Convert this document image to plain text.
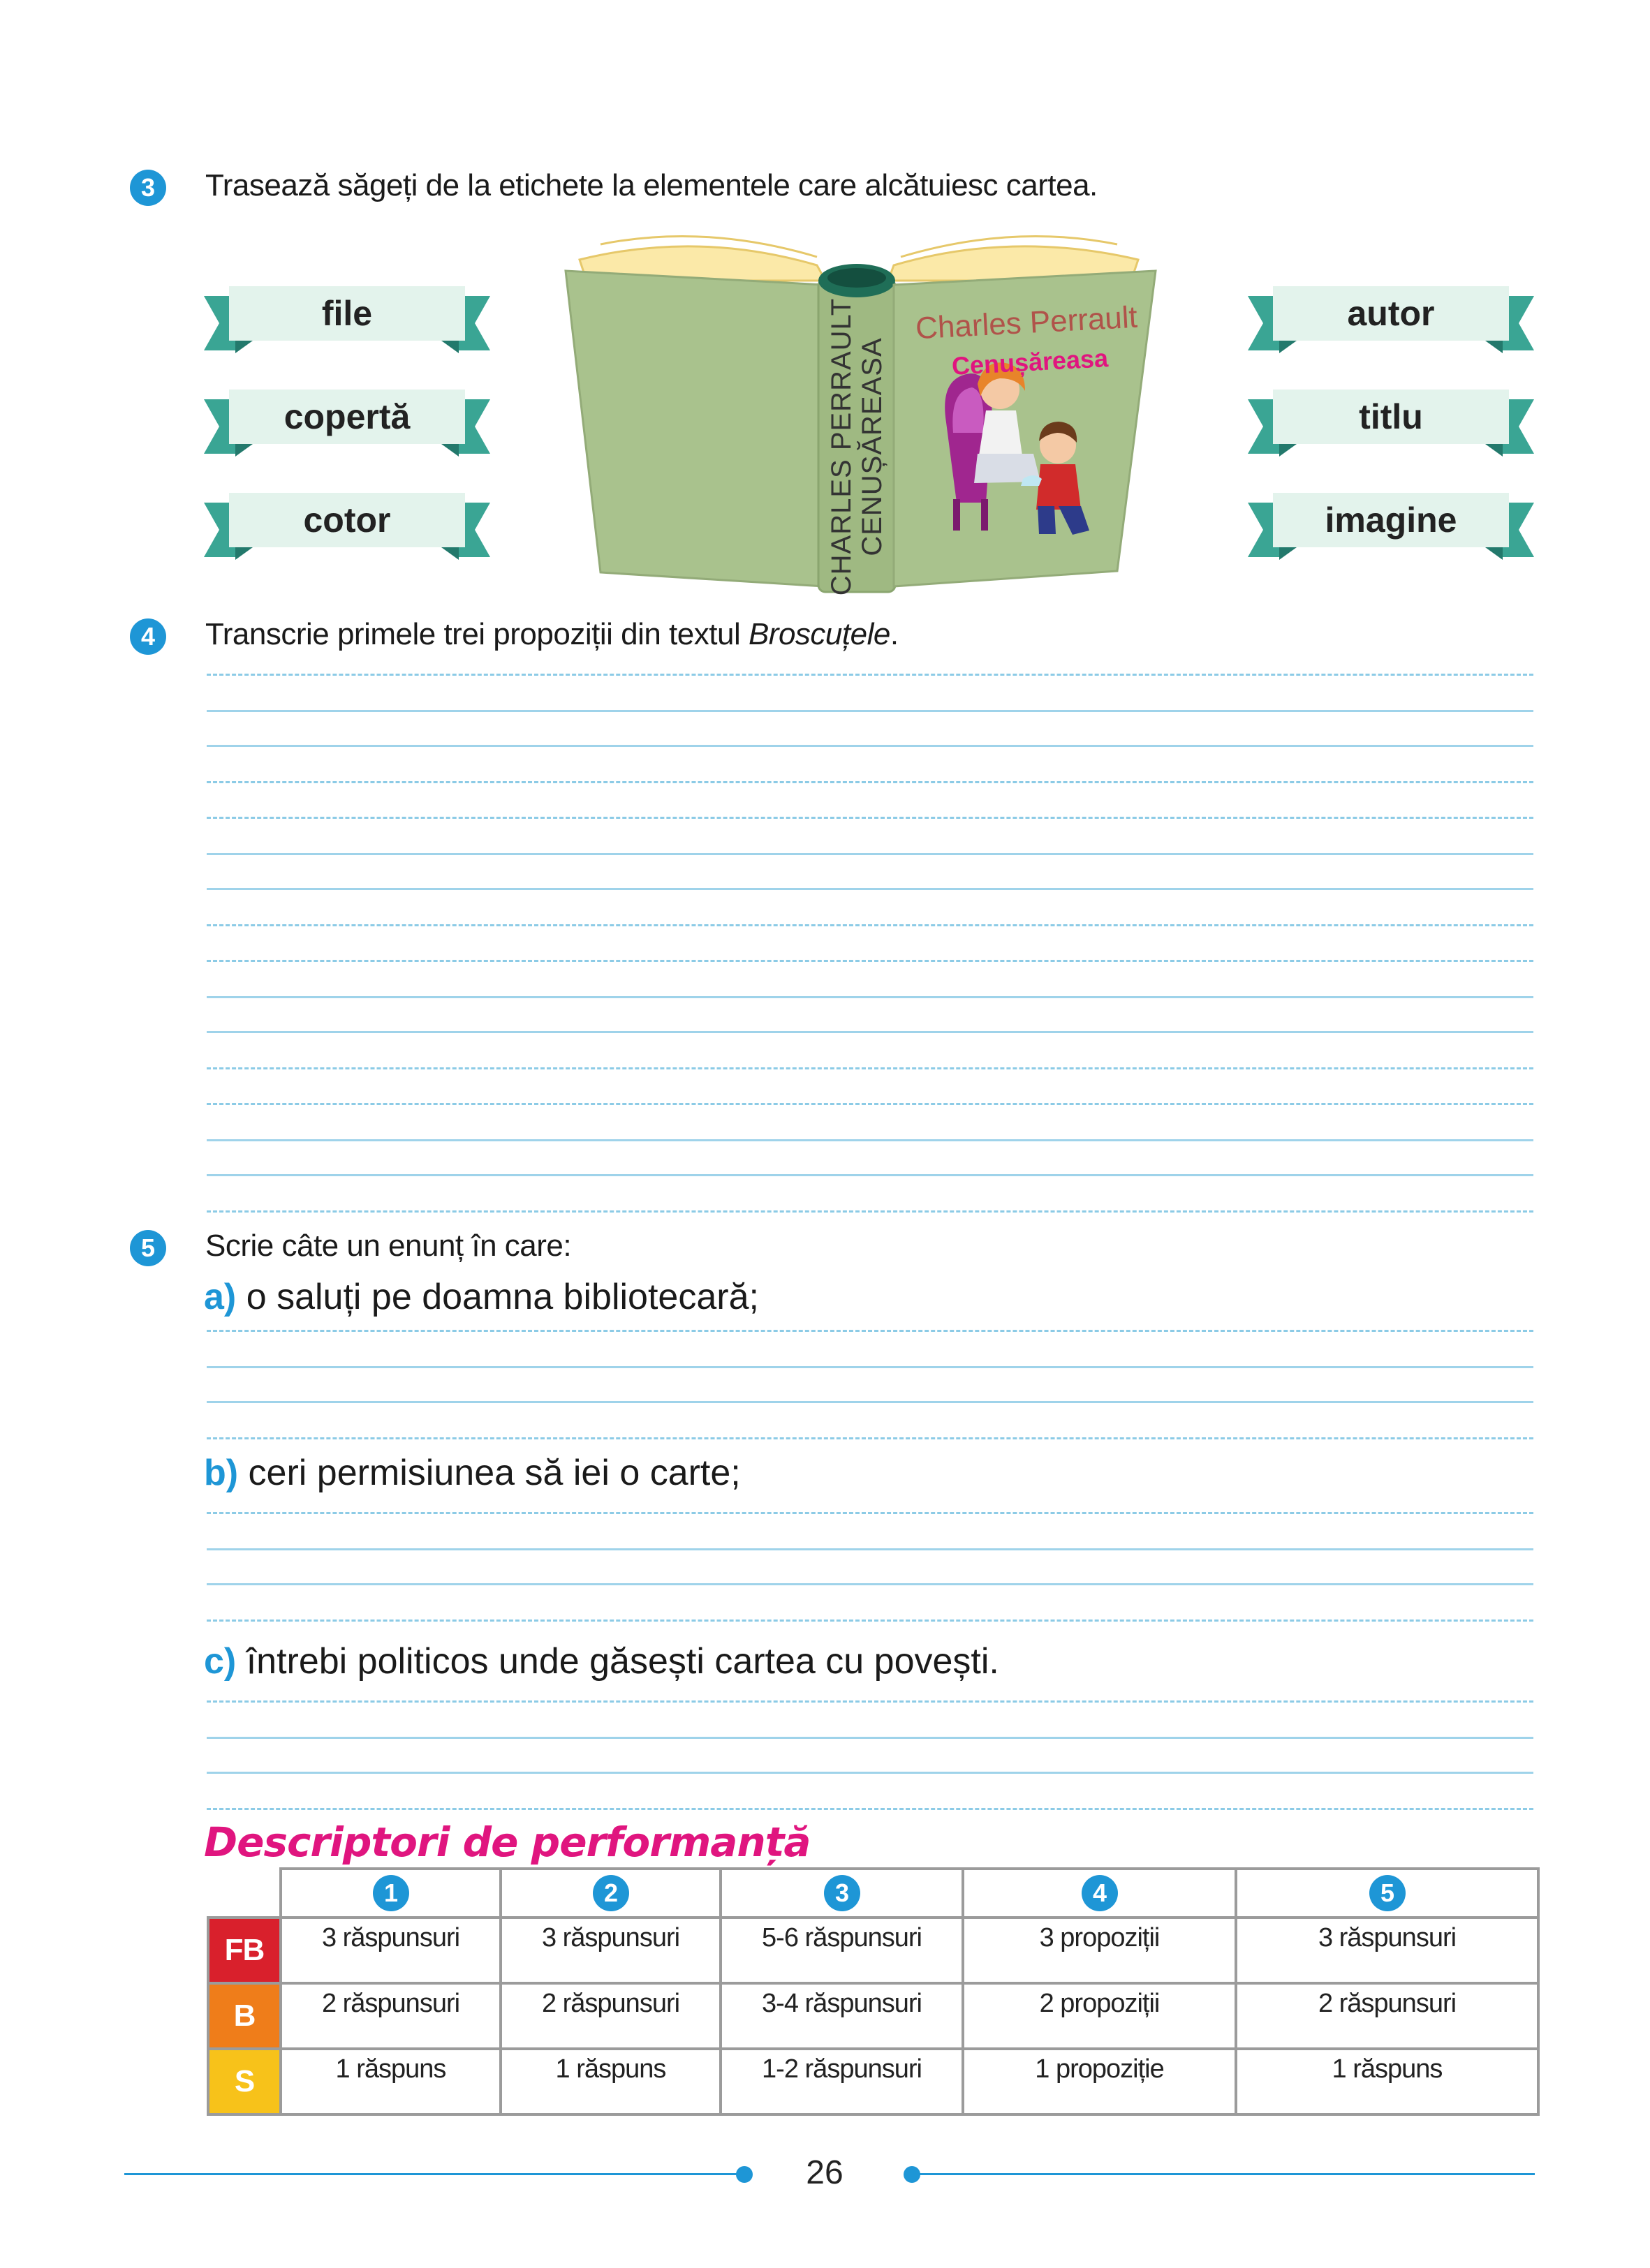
3	Trasează săgeți de la etichete la elementele care alcătuiesc cartea.
file
copertă
cotor
autor
titlu
imagine
CHARLES PERRAULT CENUȘĂREASA
Charles Perrault
Cenușăreasa
4	Transcrie primele trei propoziții din textul Broscuțele.
5	Scrie câte un enunț în care:
a) o saluți pe doamna bibliotecară;
b) ceri permisiunea să iei o carte;
c) întrebi politicos unde găsești cartea cu povești.
Descriptori de performanță
	1	2	3	4	5
FB	3 răspunsuri	3 răspunsuri	5-6 răspunsuri	3 propoziții	3 răspunsuri
B	2 răspunsuri	2 răspunsuri	3-4 răspunsuri	2 propoziții	2 răspunsuri
S	1 răspuns	1 răspuns	1-2 răspunsuri	1 propoziție	1 răspuns
26
